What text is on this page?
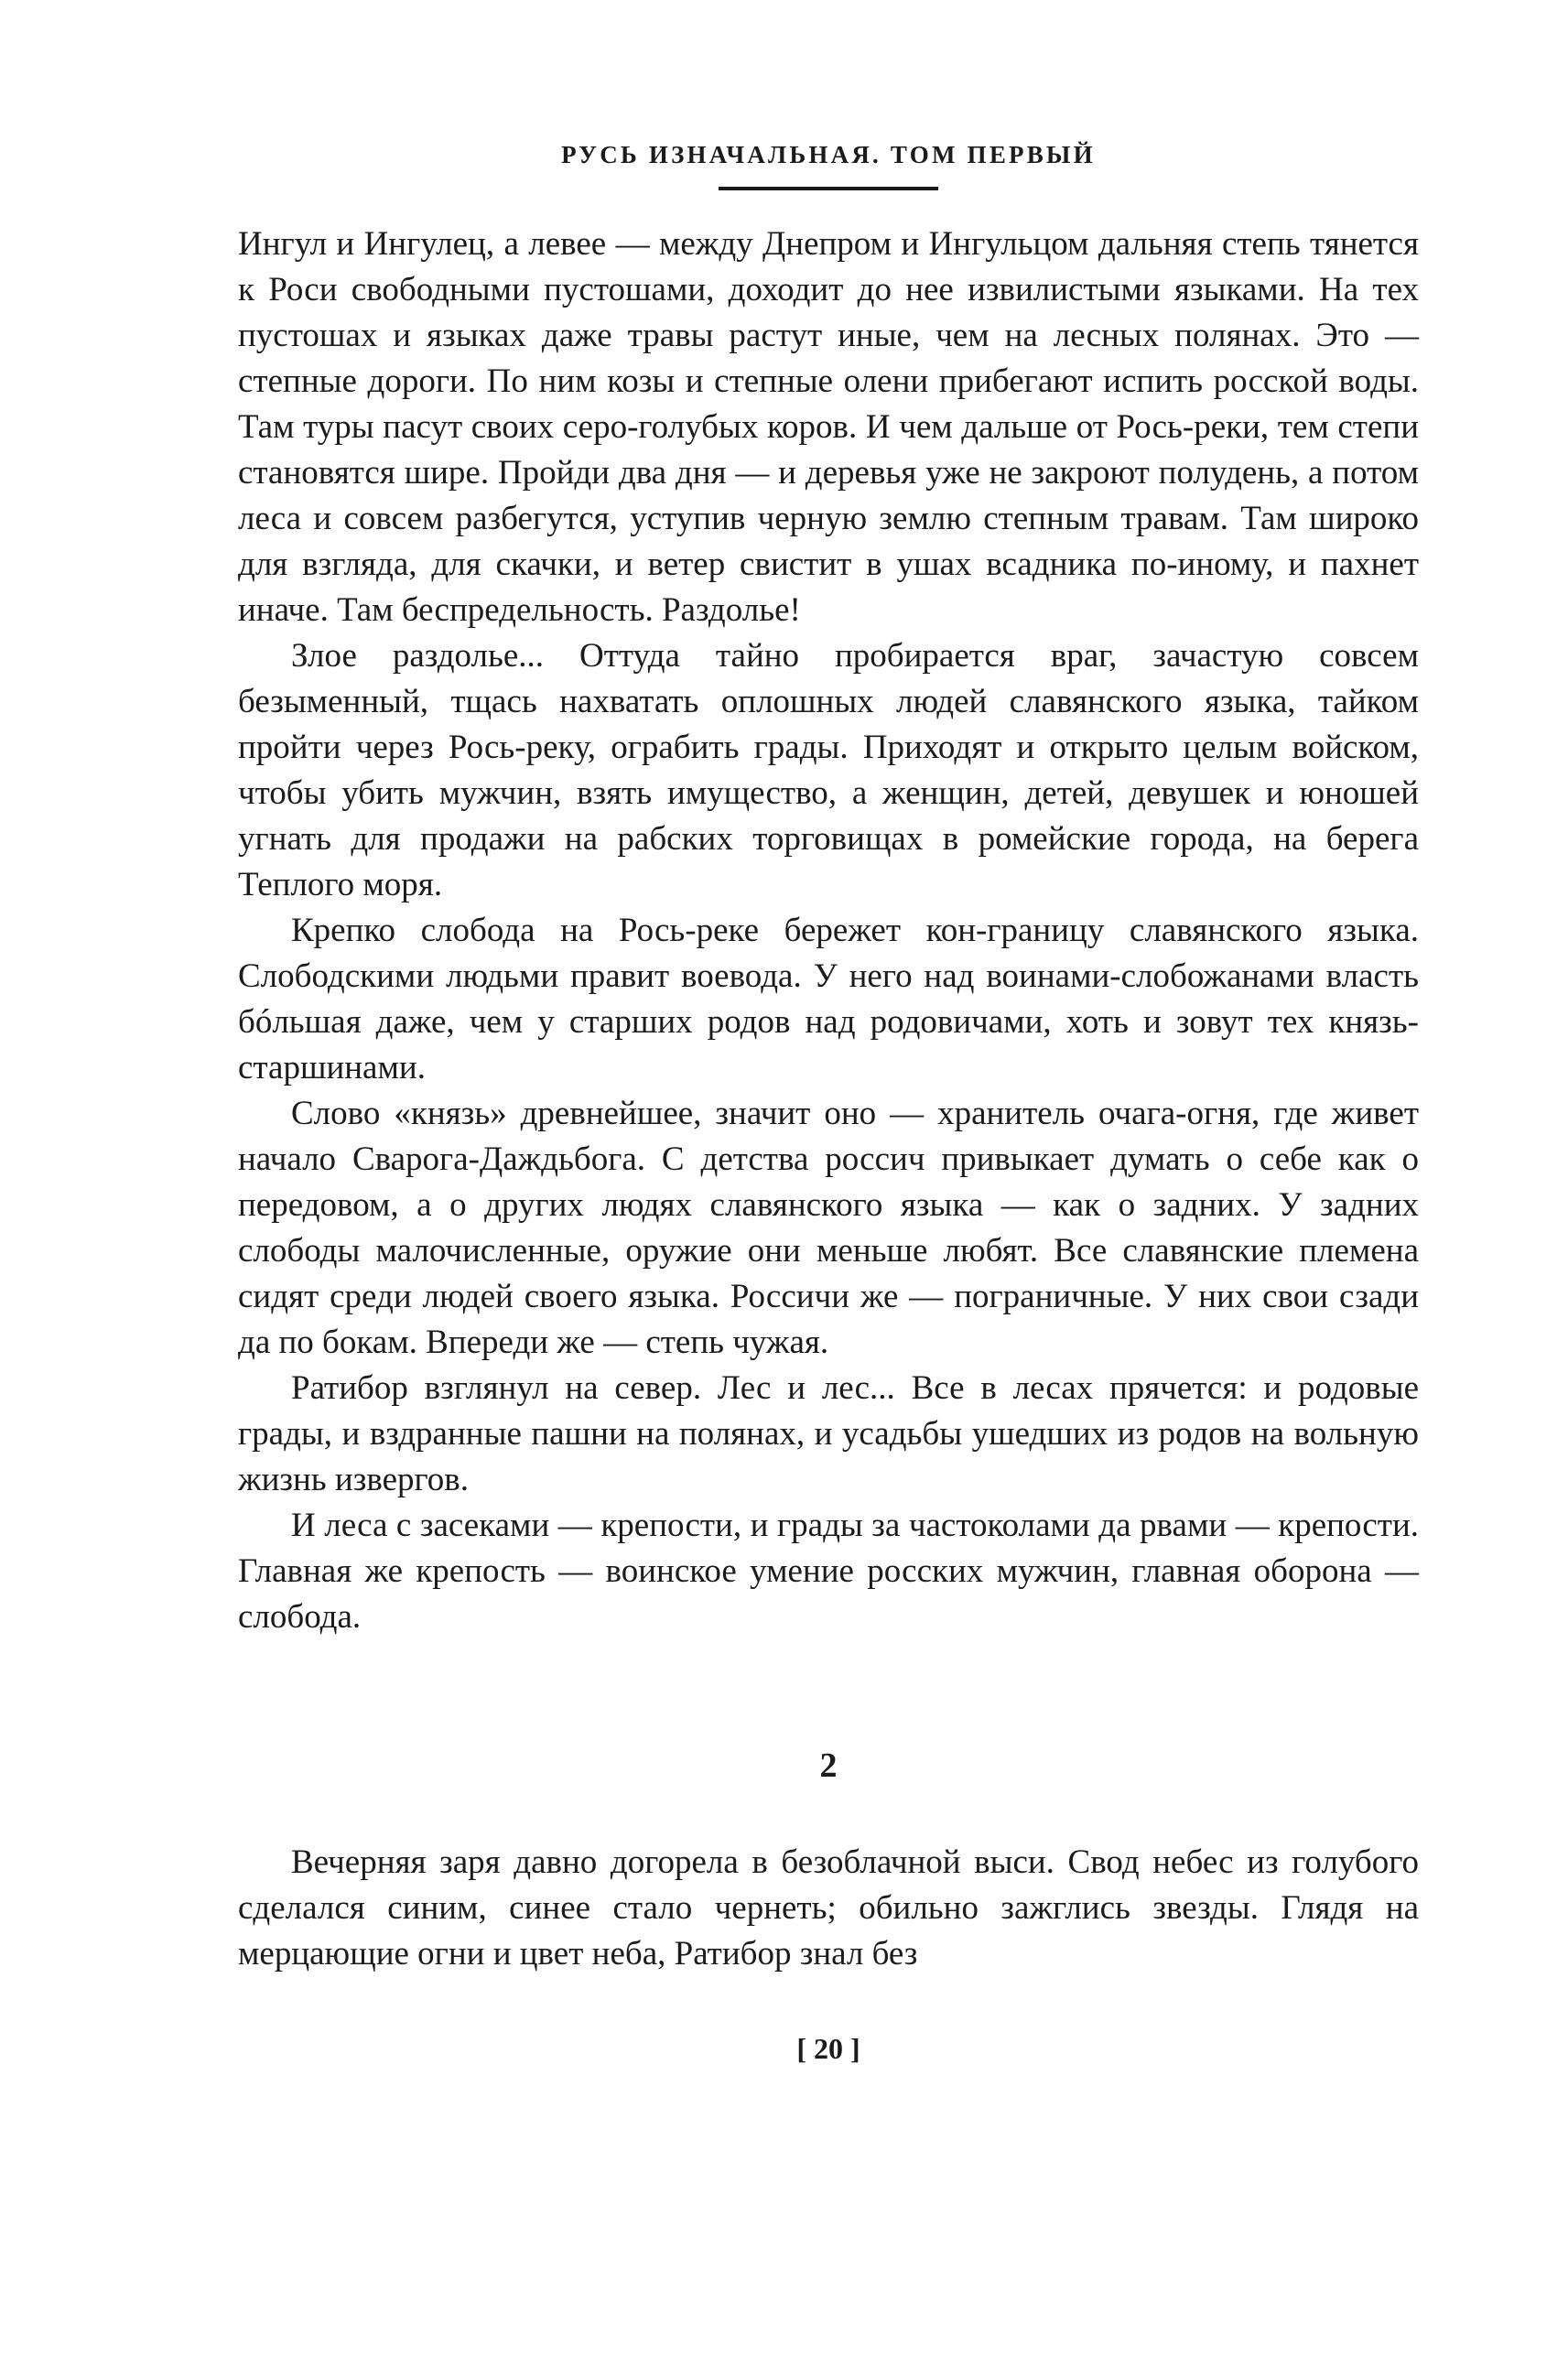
РУСЬ ИЗНАЧАЛЬНАЯ. ТОМ ПЕРВЫЙ

Ингул и Ингулец, а левее — между Днепром и Ингульцом дальняя степь тянется к Роси свободными пустошами, доходит до нее извилистыми языками. На тех пустошах и языках даже травы растут иные, чем на лесных полянах. Это — степные дороги. По ним козы и степные олени прибегают испить росской воды. Там туры пасут своих серо-голубых коров. И чем дальше от Рось-реки, тем степи становятся шире. Пройди два дня — и деревья уже не закроют полудень, а потом леса и совсем разбегутся, уступив черную землю степным травам. Там широко для взгляда, для скачки, и ветер свистит в ушах всадника по-иному, и пахнет иначе. Там беспредельность. Раздолье!

Злое раздолье... Оттуда тайно пробирается враг, зачастую совсем безыменный, тщась нахватать оплошных людей славянского языка, тайком пройти через Рось-реку, ограбить грады. Приходят и открыто целым войском, чтобы убить мужчин, взять имущество, а женщин, детей, девушек и юношей угнать для продажи на рабских торговищах в ромейские города, на берега Теплого моря.

Крепко слобода на Рось-реке бережет кон-границу славянского языка. Слободскими людьми правит воевода. У него над воинами-слобожанами власть бóльшая даже, чем у старших родов над родовичами, хоть и зовут тех князь-старшинами.

Слово «князь» древнейшее, значит оно — хранитель очага-огня, где живет начало Сварога-Даждьбога. С детства россич привыкает думать о себе как о передовом, а о других людях славянского языка — как о задних. У задних слободы малочисленные, оружие они меньше любят. Все славянские племена сидят среди людей своего языка. Россичи же — пограничные. У них свои сзади да по бокам. Впереди же — степь чужая.

Ратибор взглянул на север. Лес и лес... Все в лесах прячется: и родовые грады, и вздранные пашни на полянах, и усадьбы ушедших из родов на вольную жизнь извергов.

И леса с засеками — крепости, и грады за частоколами да рвами — крепости. Главная же крепость — воинское умение росских мужчин, главная оборона — слобода.

2

Вечерняя заря давно догорела в безоблачной выси. Свод небес из голубого сделался синим, синее стало чернеть; обильно зажглись звезды. Глядя на мерцающие огни и цвет неба, Ратибор знал без

[ 20 ]
